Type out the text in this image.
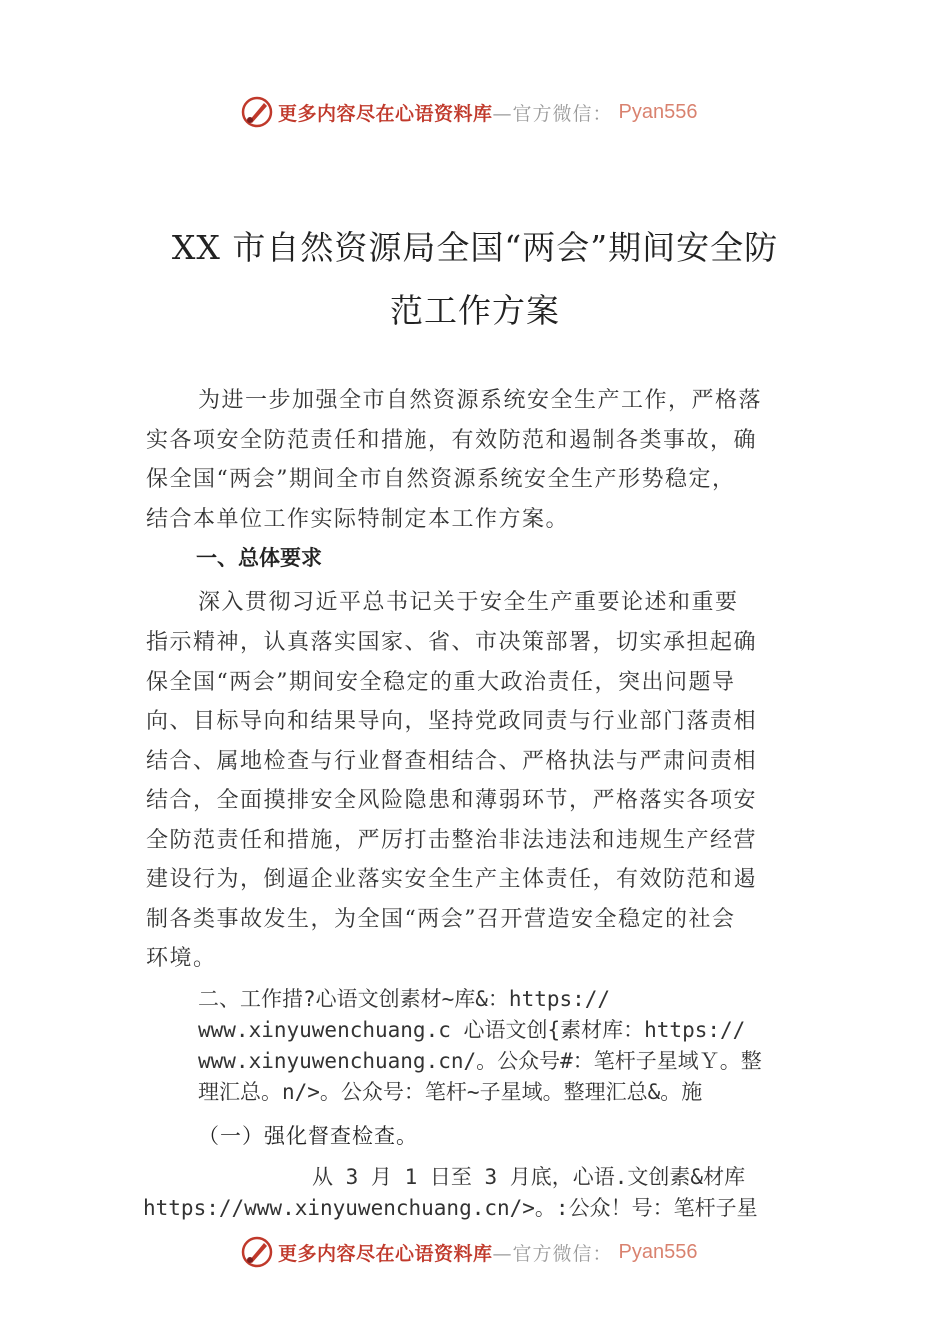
更多内容尽在心语资料库 —官方微信： Pyan556
XX 市自然资源局全国“两会”期间安全防
范工作方案
为进一步加强全市自然资源系统安全生产工作，严格落
实各项安全防范责任和措施，有效防范和遏制各类事故，确
保全国“两会”期间全市自然资源系统安全生产形势稳定，
结合本单位工作实际特制定本工作方案。
一、总体要求
深入贯彻习近平总书记关于安全生产重要论述和重要
指示精神，认真落实国家、省、市决策部署，切实承担起确
保全国“两会”期间安全稳定的重大政治责任，突出问题导
向、目标导向和结果导向，坚持党政同责与行业部门落责相
结合、属地检查与行业督查相结合、严格执法与严肃问责相
结合，全面摸排安全风险隐患和薄弱环节，严格落实各项安
全防范责任和措施，严厉打击整治非法违法和违规生产经营
建设行为，倒逼企业落实安全生产主体责任，有效防范和遏
制各类事故发生，为全国“两会”召开营造安全稳定的社会
环境。
二、工作措?心语文创素材~库&：https://
www.xinyuwenchuang.c 心语文创{素材库：https://
www.xinyuwenchuang.cn/。公众号#：笔杆子星域Ｙ。整
理汇总。n/>。公众号：笔杆~子星域。整理汇总&。施
（一）强化督查检查。
从 3 月 1 日至 3 月底，心语.文创素&材库
https://www.xinyuwenchuang.cn/>。:公众！号：笔杆子星
更多内容尽在心语资料库 —官方微信： Pyan556
